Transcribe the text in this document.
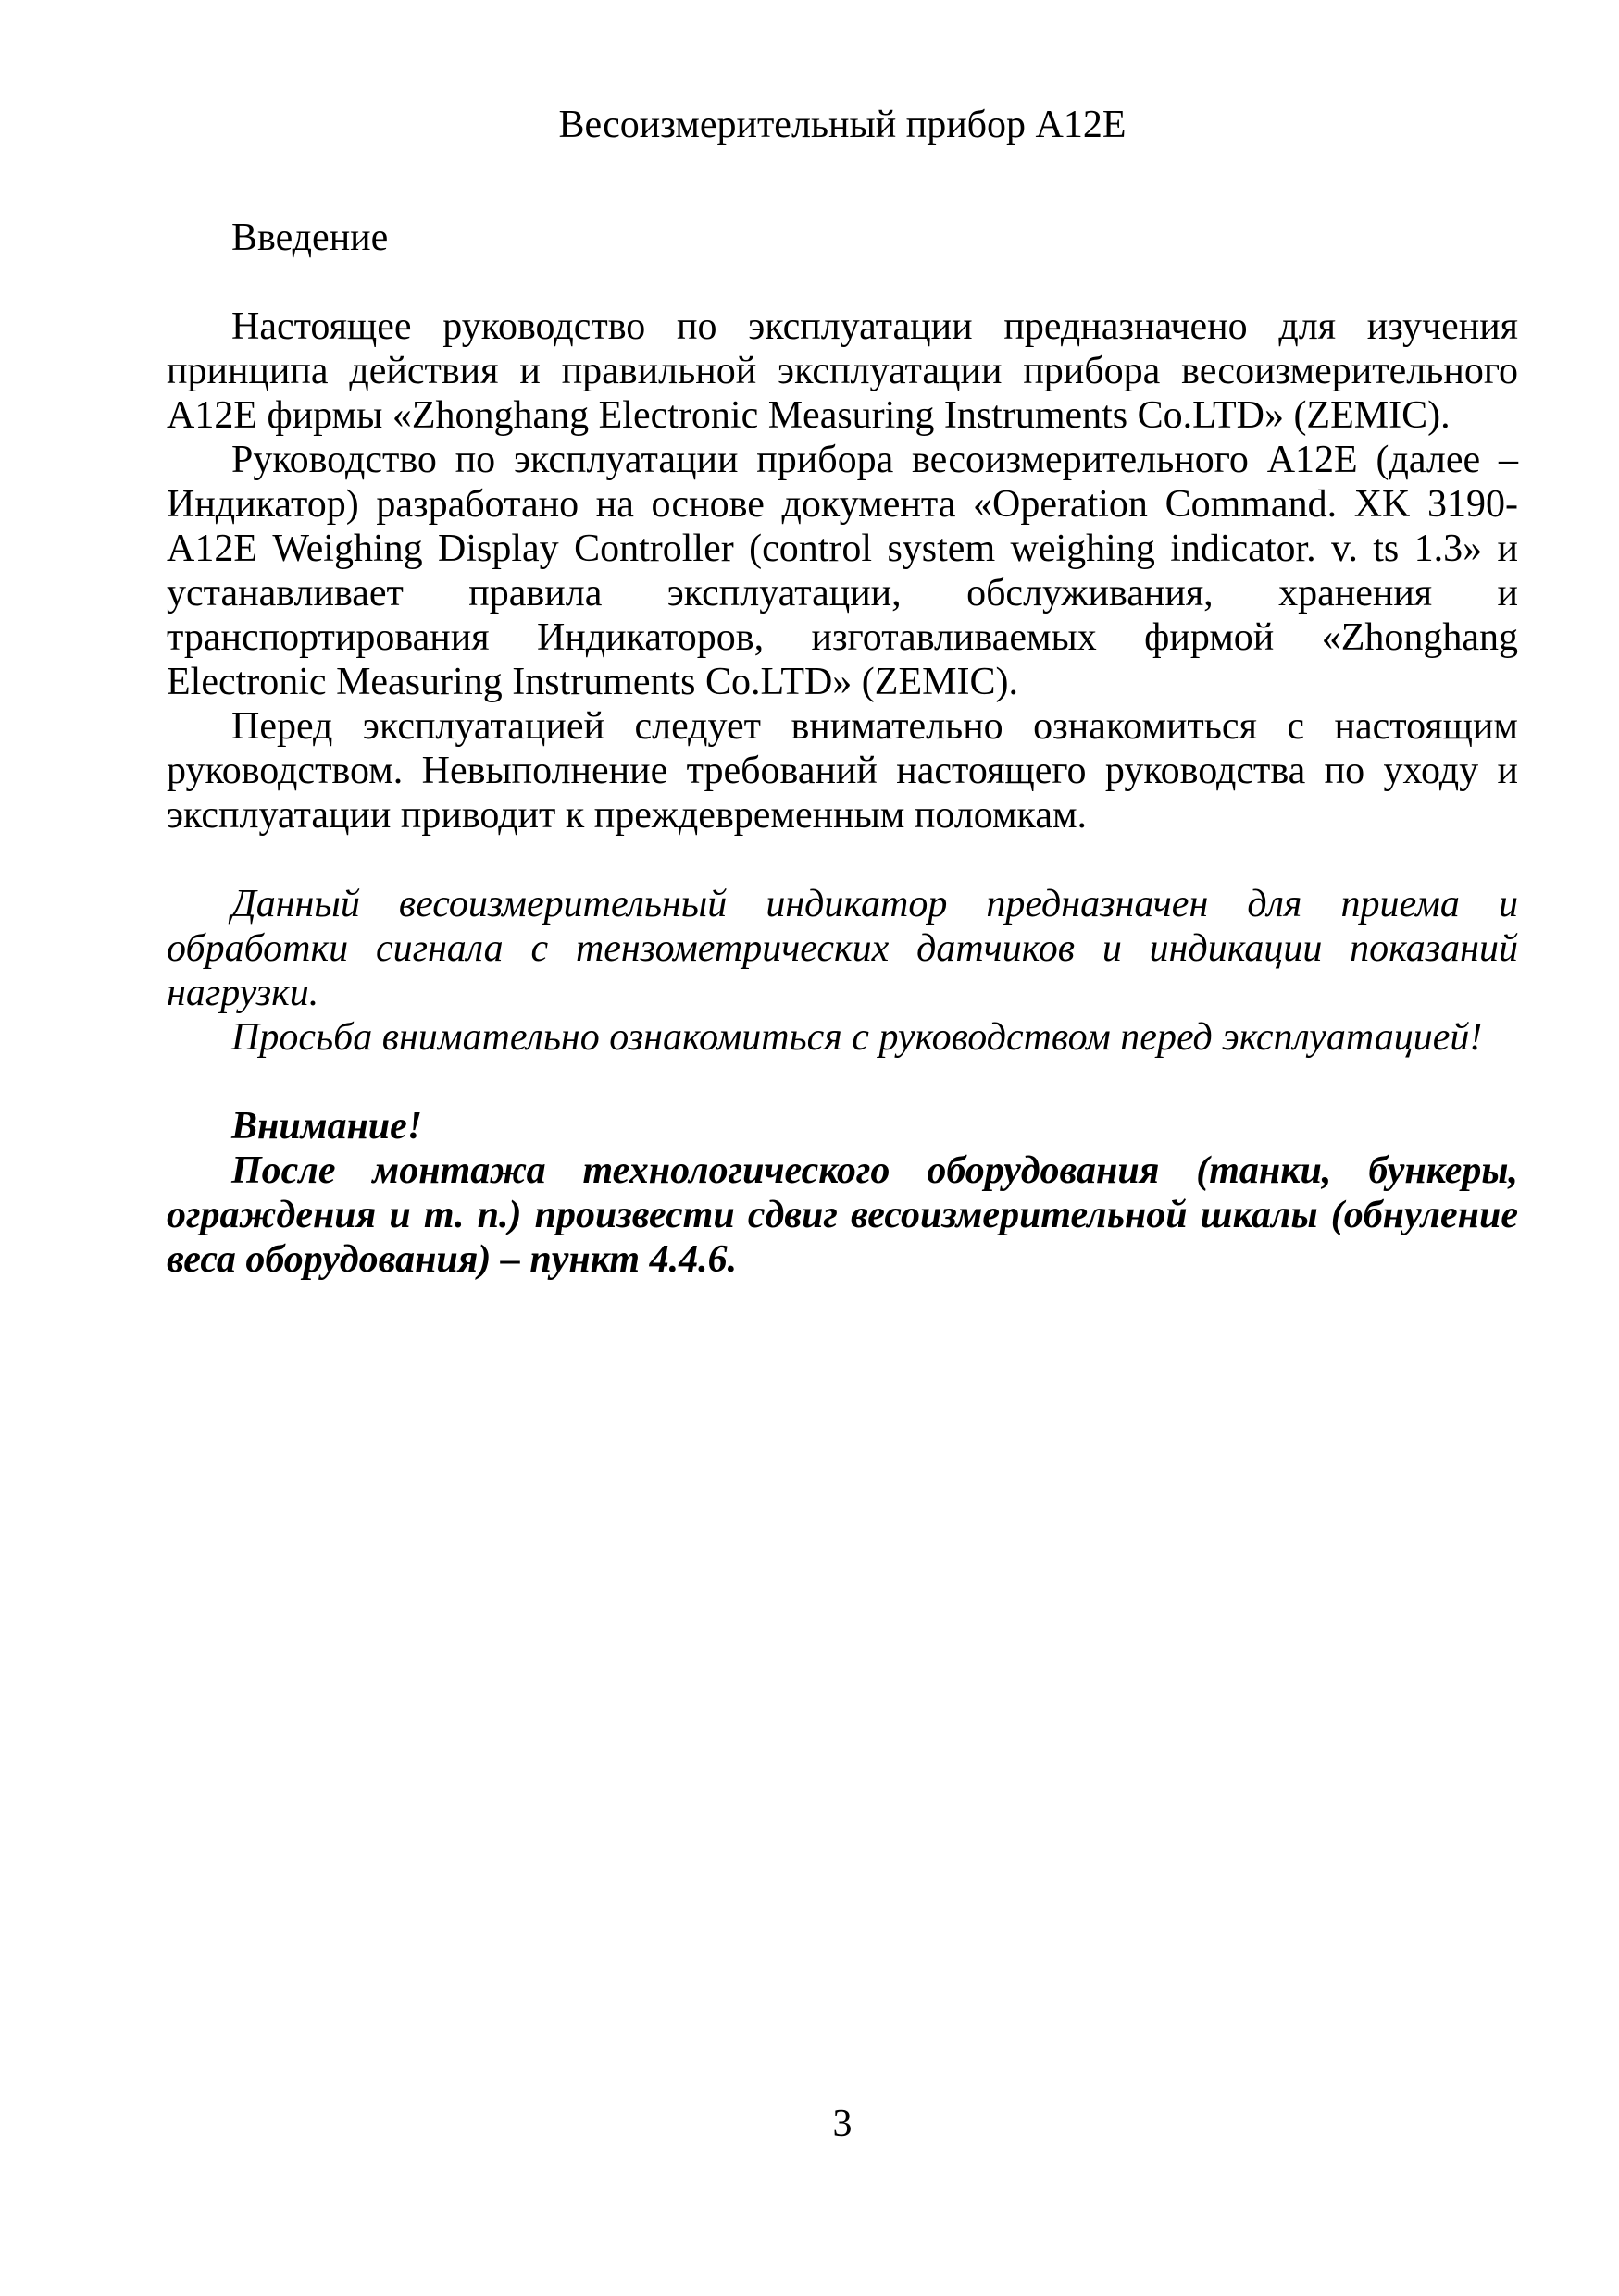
Весоизмерительный прибор А12Е

Введение

Настоящее руководство по эксплуатации предназначено для изучения принципа действия и правильной эксплуатации прибора весоизмерительного А12Е фирмы «Zhonghang Electronic Measuring Instruments Co.LTD» (ZEMIC).

Руководство по эксплуатации прибора весоизмерительного А12Е (далее – Индикатор) разработано на основе документа «Operation Command. XK 3190-А12Е Weighing Display Controller (control system weighing indicator. v. ts 1.3» и устанавливает правила эксплуатации, обслуживания, хранения и транспортирования Индикаторов, изготавливаемых фирмой «Zhonghang Electronic Measuring Instruments Co.LTD» (ZEMIC).

Перед эксплуатацией следует внимательно ознакомиться с настоящим руководством. Невыполнение требований настоящего руководства по уходу и эксплуатации приводит к преждевременным поломкам.

Данный весоизмерительный индикатор предназначен для приема и обработки сигнала с тензометрических датчиков и индикации показаний нагрузки.

Просьба внимательно ознакомиться с руководством перед эксплуатацией!

Внимание!

После монтажа технологического оборудования (танки, бункеры, ограждения и т. п.) произвести сдвиг весоизмерительной шкалы (обнуление веса оборудования) – пункт 4.4.6.

3
